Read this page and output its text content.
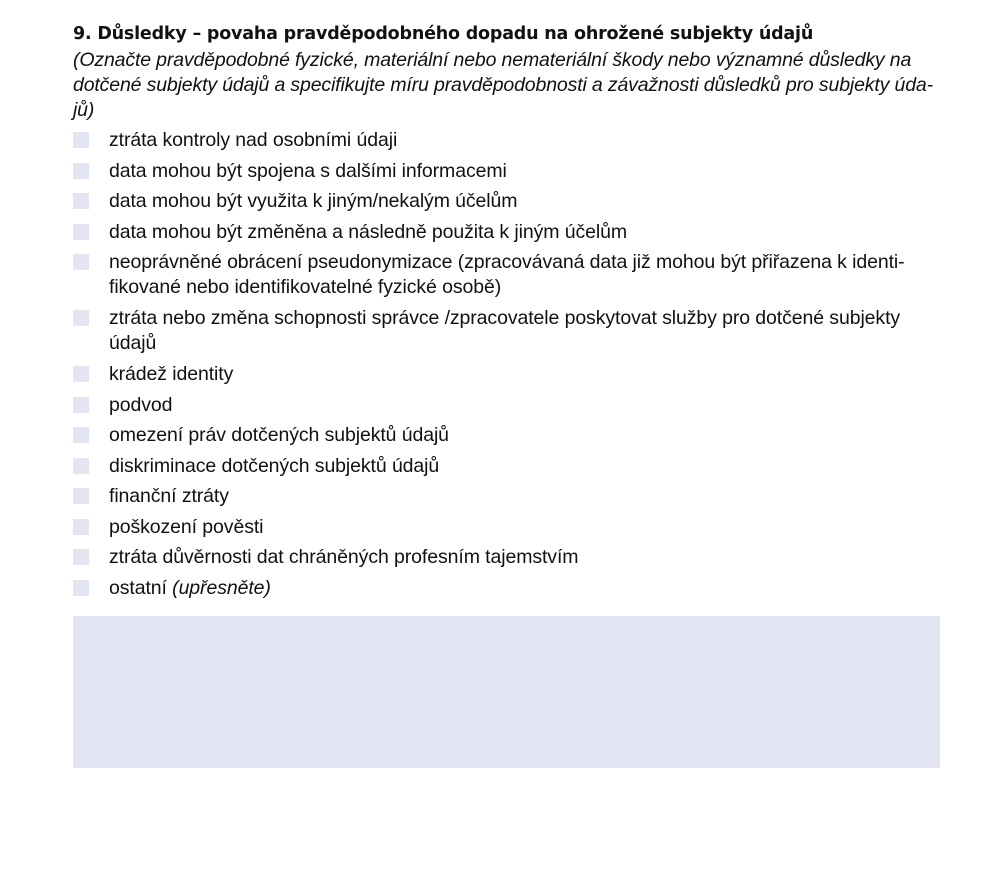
9. Důsledky – povaha pravděpodobného dopadu na ohrožené subjekty údajů

(Označte pravděpodobné fyzické, materiální nebo nemateriální škody nebo významné důsledky na dotčené subjekty údajů a specifikujte míru pravděpodobnosti a závažnosti důsledků pro subjekty úda-jů)

ztráta kontroly nad osobními údaji
data mohou být spojena s dalšími informacemi
data mohou být využita k jiným/nekalým účelům
data mohou být změněna a následně použita k jiným účelům
neoprávněné obrácení pseudonymizace (zpracovávaná data již mohou být přiřazena k identi-fikované nebo identifikovatelné fyzické osobě)
ztráta nebo změna schopnosti správce /zpracovatele poskytovat služby pro dotčené subjekty údajů
krádež identity
podvod
omezení práv dotčených subjektů údajů
diskriminace dotčených subjektů údajů
finanční ztráty
poškození pověsti
ztráta důvěrnosti dat chráněných profesním tajemstvím
ostatní (upřesněte)
